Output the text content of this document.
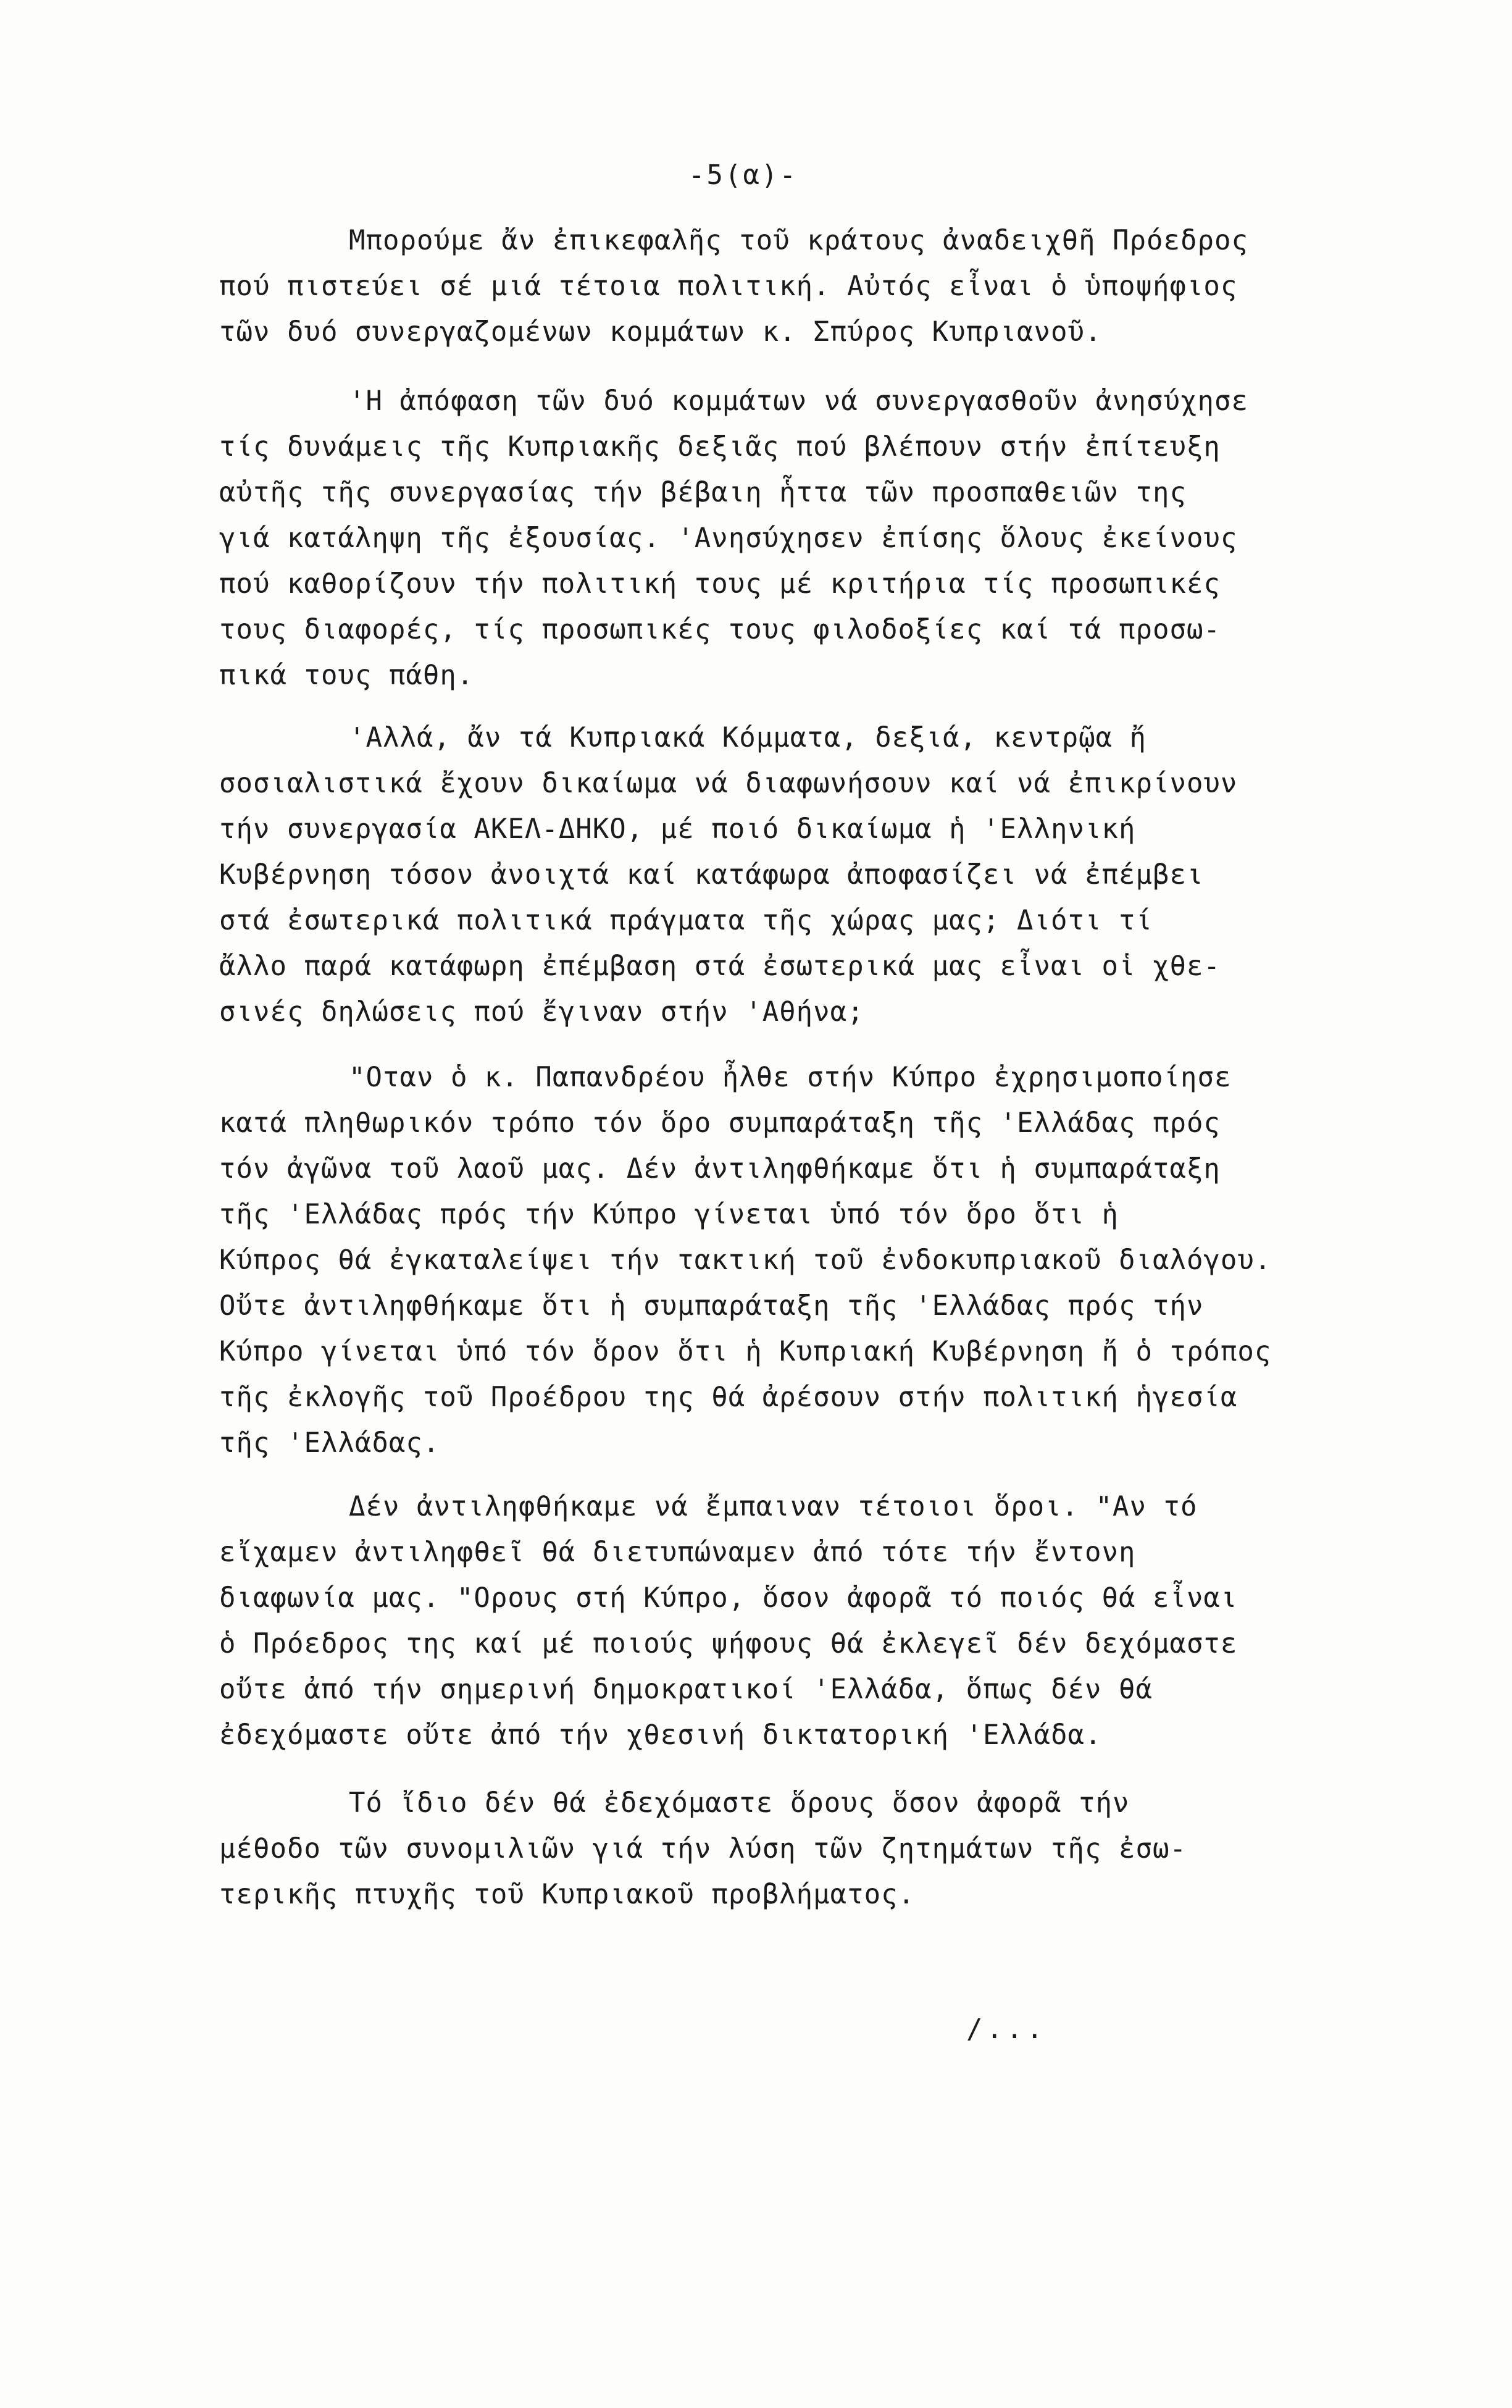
-5(α)-
Μπορούμε ἄν ἐπικεφαλῆς τοῦ κράτους ἀναδειχθῆ Πρόεδρος
πού πιστεύει σέ μιά τέτοια πολιτική. Αὐτός εἶναι ὁ ὑποψήφιος
τῶν δυό συνεργαζομένων κομμάτων κ. Σπύρος Κυπριανοῦ.
'Η ἀπόφαση τῶν δυό κομμάτων νά συνεργασθοῦν ἀνησύχησε
τίς δυνάμεις τῆς Κυπριακῆς δεξιᾶς πού βλέπουν στήν ἐπίτευξη
αὐτῆς τῆς συνεργασίας τήν βέβαιη ἧττα τῶν προσπαθειῶν της
γιά κατάληψη τῆς ἐξουσίας. 'Ανησύχησεν ἐπίσης ὅλους ἐκείνους
πού καθορίζουν τήν πολιτική τους μέ κριτήρια τίς προσωπικές
τους διαφορές, τίς προσωπικές τους φιλοδοξίες καί τά προσω-
πικά τους πάθη.
'Αλλά, ἄν τά Κυπριακά Κόμματα, δεξιά, κεντρῷα ἤ
σοσιαλιστικά ἔχουν δικαίωμα νά διαφωνήσουν καί νά ἐπικρίνουν
τήν συνεργασία ΑΚΕΛ-ΔΗΚΟ, μέ ποιό δικαίωμα ἡ 'Ελληνική
Κυβέρνηση τόσον ἀνοιχτά καί κατάφωρα ἀποφασίζει νά ἐπέμβει
στά ἐσωτερικά πολιτικά πράγματα τῆς χώρας μας; Διότι τί
ἄλλο παρά κατάφωρη ἐπέμβαση στά ἐσωτερικά μας εἶναι οἱ χθε-
σινές δηλώσεις πού ἔγιναν στήν 'Αθήνα;
"Οταν ὁ κ. Παπανδρέου ἦλθε στήν Κύπρο ἐχρησιμοποίησε
κατά πληθωρικόν τρόπο τόν ὅρο συμπαράταξη τῆς 'Ελλάδας πρός
τόν ἀγῶνα τοῦ λαοῦ μας. Δέν ἀντιληφθήκαμε ὅτι ἡ συμπαράταξη
τῆς 'Ελλάδας πρός τήν Κύπρο γίνεται ὑπό τόν ὅρο ὅτι ἡ
Κύπρος θά ἐγκαταλείψει τήν τακτική τοῦ ἐνδοκυπριακοῦ διαλόγου.
Οὔτε ἀντιληφθήκαμε ὅτι ἡ συμπαράταξη τῆς 'Ελλάδας πρός τήν
Κύπρο γίνεται ὑπό τόν ὅρον ὅτι ἡ Κυπριακή Κυβέρνηση ἤ ὁ τρόπος
τῆς ἐκλογῆς τοῦ Προέδρου της θά ἀρέσουν στήν πολιτική ἡγεσία
τῆς 'Ελλάδας.
Δέν ἀντιληφθήκαμε νά ἔμπαιναν τέτοιοι ὅροι. "Αν τό
εἴχαμεν ἀντιληφθεῖ θά διετυπώναμεν ἀπό τότε τήν ἔντονη
διαφωνία μας. "Ορους στή Κύπρο, ὅσον ἀφορᾶ τό ποιός θά εἶναι
ὁ Πρόεδρος της καί μέ ποιούς ψήφους θά ἐκλεγεῖ δέν δεχόμαστε
οὔτε ἀπό τήν σημερινή δημοκρατικοί 'Ελλάδα, ὅπως δέν θά
ἐδεχόμαστε οὔτε ἀπό τήν χθεσινή δικτατορική 'Ελλάδα.
Τό ἴδιο δέν θά ἐδεχόμαστε ὅρους ὅσον ἀφορᾶ τήν
μέθοδο τῶν συνομιλιῶν γιά τήν λύση τῶν ζητημάτων τῆς ἐσω-
τερικῆς πτυχῆς τοῦ Κυπριακοῦ προβλήματος.
/...
